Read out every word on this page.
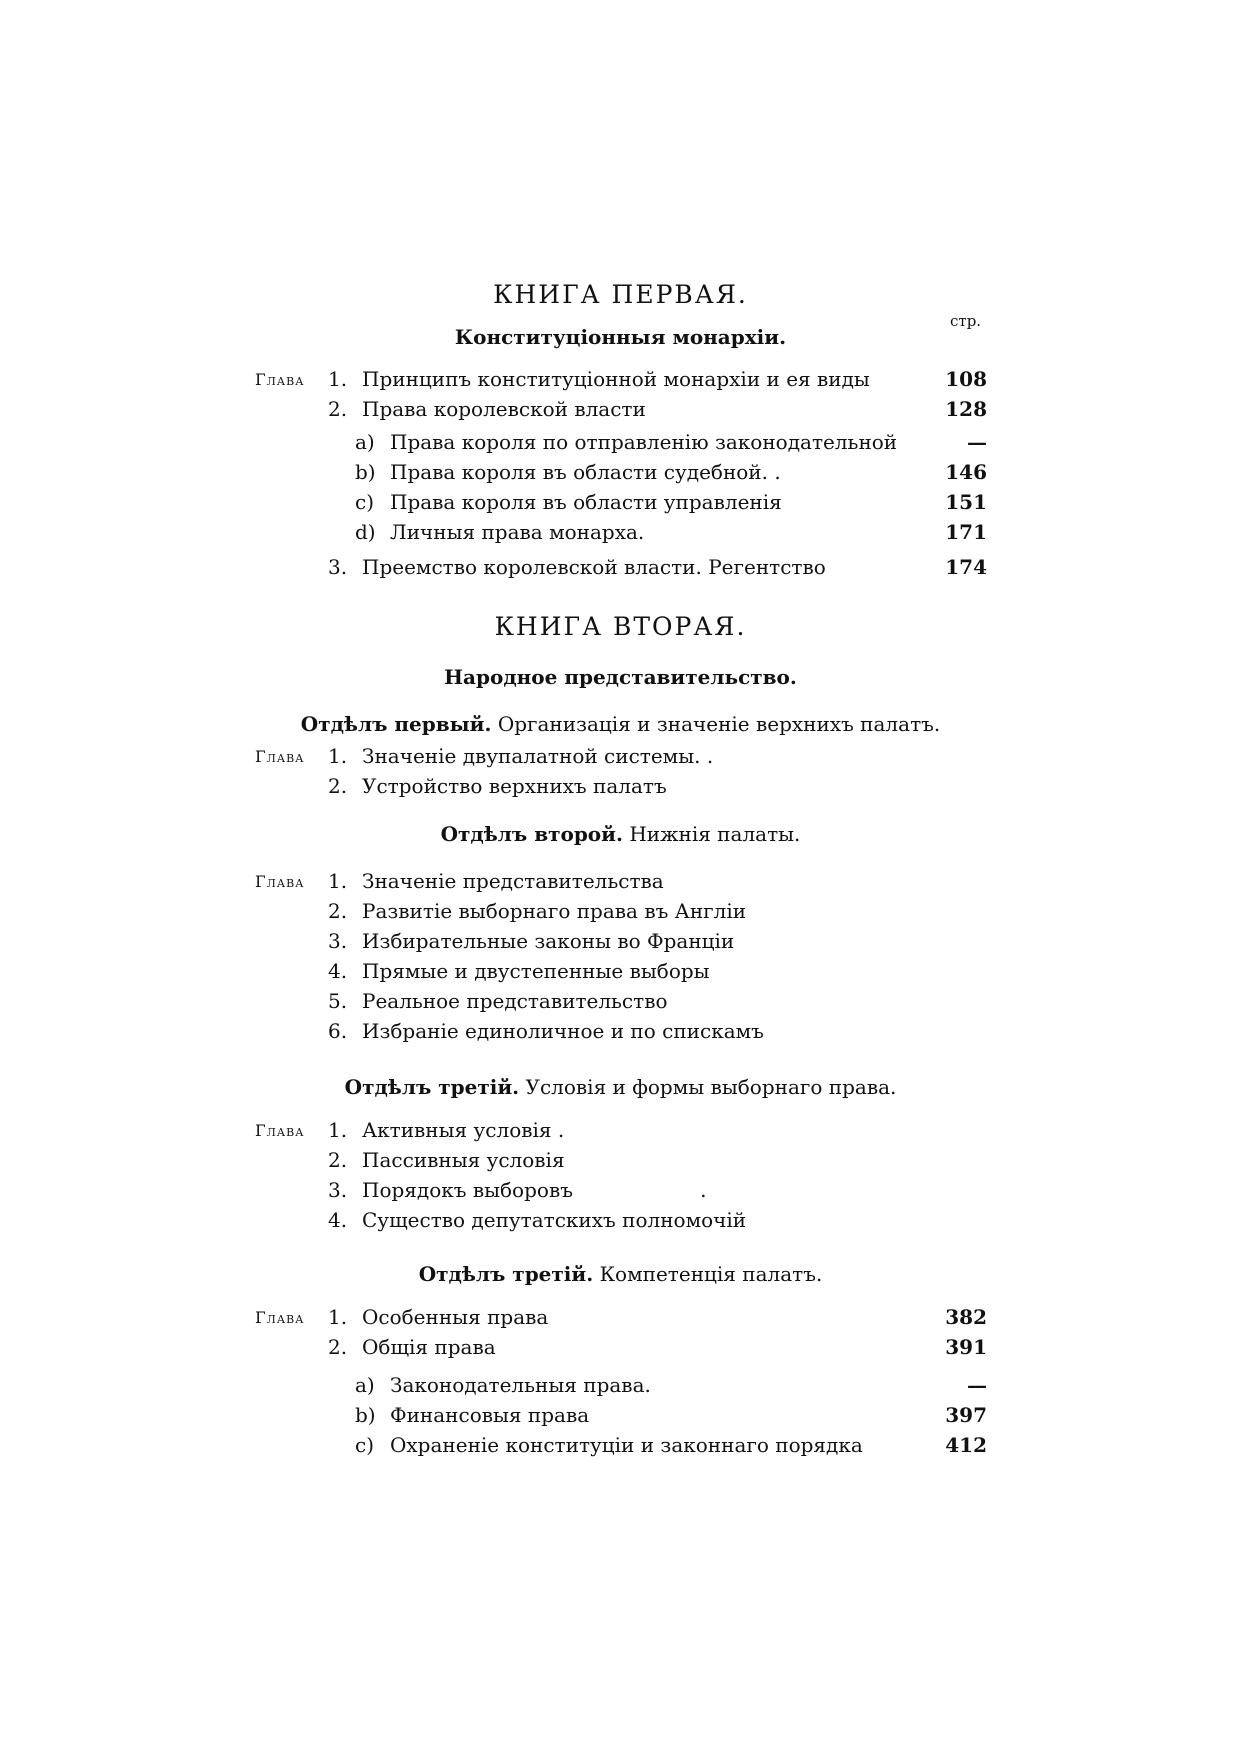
КНИГА ПЕРВАЯ.
стр.
Конституціонныя монархіи.
Глава 1. Принципъ конституціонной монархіи и ея виды	108
2. Права королевской власти	128
a) Права короля по отправленію законодательной	—
b) Права короля въ области судебной. .	146
c) Права короля въ области управленія	151
d) Личныя права монарха.	171
3. Преемство королевской власти. Регентство	174
КНИГА ВТОРАЯ.
Народное представительство.
Отдѣлъ первый. Организація и значеніе верхнихъ палатъ.
Глава 1. Значеніе двупалатной системы. .
2. Устройство верхнихъ палатъ
Отдѣлъ второй. Нижнія палаты.
Глава 1. Значеніе представительства
2. Развитіе выборнаго права въ Англіи
3. Избирательные законы во Франціи
4. Прямые и двустепенные выборы
5. Реальное представительство
6. Избраніе единоличное и по спискамъ
Отдѣлъ третій. Условія и формы выборнаго права.
Глава 1. Активныя условія .
2. Пассивныя условія
3. Порядокъ выборовъ                    .
4. Существо депутатскихъ полномочій
Отдѣлъ третій. Компетенція палатъ.
Глава 1. Особенныя права	382
2. Общія права	391
a) Законодательныя права.	—
b) Финансовыя права	397
c) Охраненіе конституціи и законнаго порядка	412
